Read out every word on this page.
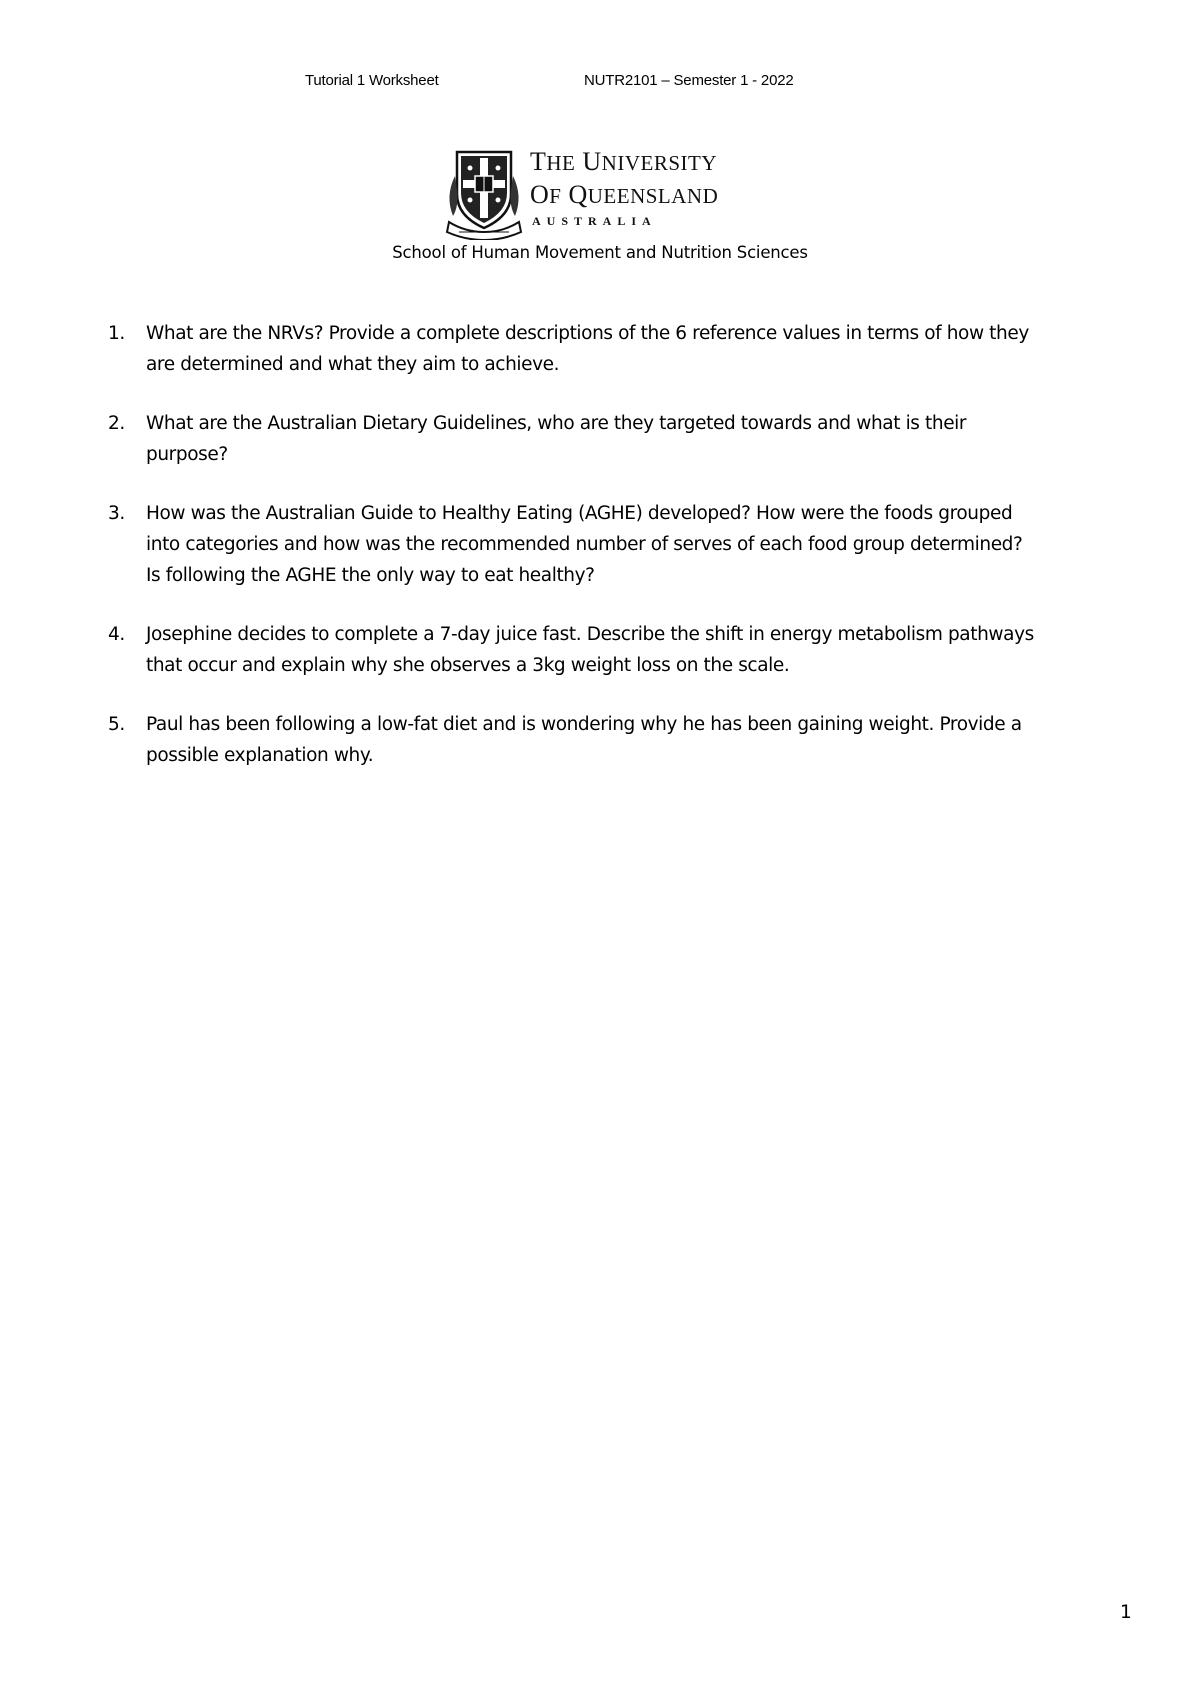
Tutorial 1 Worksheet	NUTR2101 – Semester 1 - 2022
THE UNIVERSITY
OF QUEENSLAND
AUSTRALIA
School of Human Movement and Nutrition Sciences
1. What are the NRVs? Provide a complete descriptions of the 6 reference values in terms of how they
are determined and what they aim to achieve.
2. What are the Australian Dietary Guidelines, who are they targeted towards and what is their
purpose?
3. How was the Australian Guide to Healthy Eating (AGHE) developed? How were the foods grouped
into categories and how was the recommended number of serves of each food group determined?
Is following the AGHE the only way to eat healthy?
4. Josephine decides to complete a 7-day juice fast. Describe the shift in energy metabolism pathways
that occur and explain why she observes a 3kg weight loss on the scale.
5. Paul has been following a low-fat diet and is wondering why he has been gaining weight. Provide a
possible explanation why.
1
